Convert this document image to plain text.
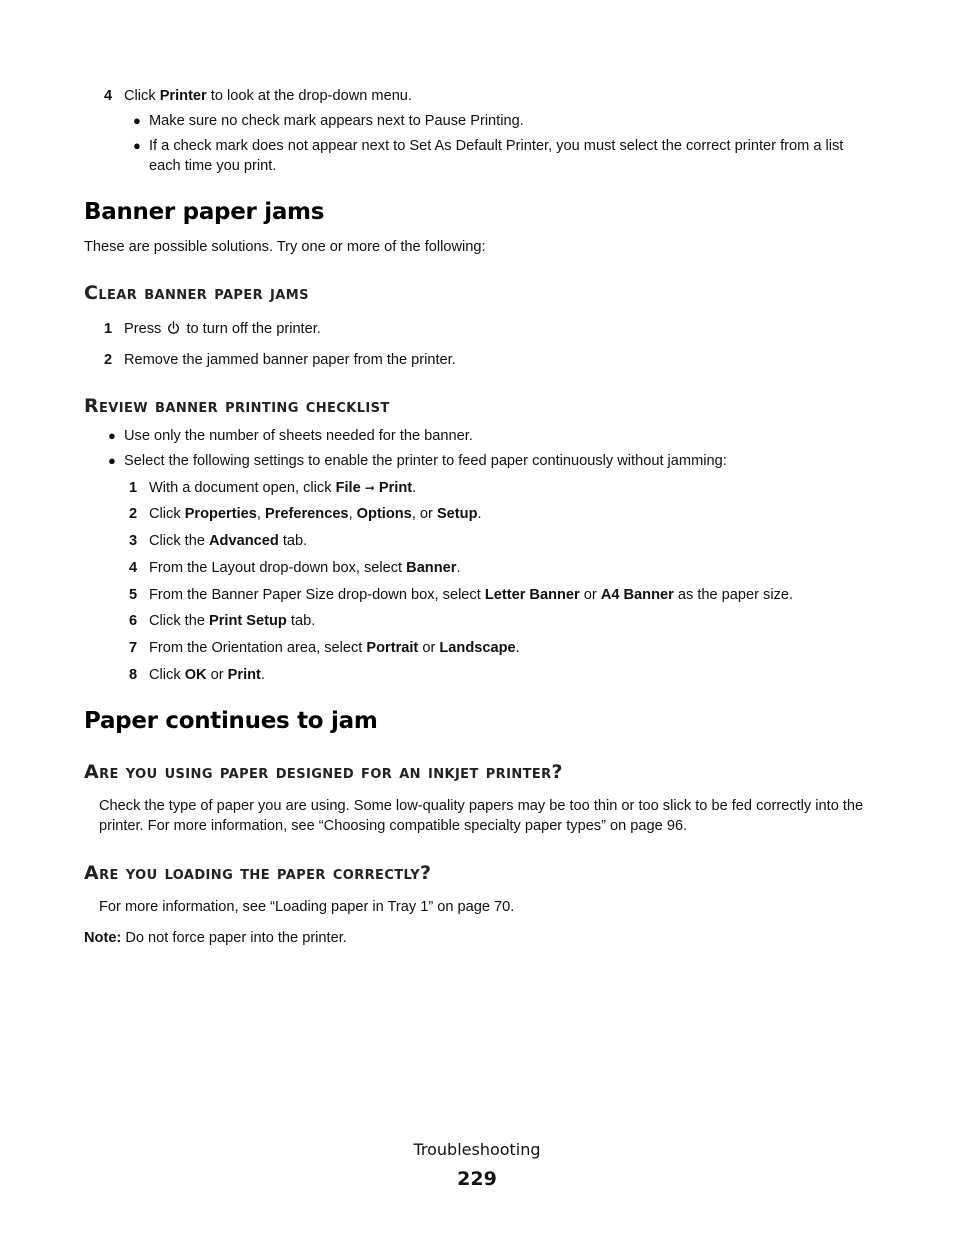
4 Click Printer to look at the drop-down menu.
● Make sure no check mark appears next to Pause Printing.
● If a check mark does not appear next to Set As Default Printer, you must select the correct printer from a list each time you print.
Banner paper jams
These are possible solutions. Try one or more of the following:
Clear banner paper jams
1 Press to turn off the printer.
2 Remove the jammed banner paper from the printer.
Review banner printing checklist
● Use only the number of sheets needed for the banner.
● Select the following settings to enable the printer to feed paper continuously without jamming:
1 With a document open, click File ➞ Print.
2 Click Properties, Preferences, Options, or Setup.
3 Click the Advanced tab.
4 From the Layout drop-down box, select Banner.
5 From the Banner Paper Size drop-down box, select Letter Banner or A4 Banner as the paper size.
6 Click the Print Setup tab.
7 From the Orientation area, select Portrait or Landscape.
8 Click OK or Print.
Paper continues to jam
Are you using paper designed for an inkjet printer?
Check the type of paper you are using. Some low-quality papers may be too thin or too slick to be fed correctly into the printer. For more information, see “Choosing compatible specialty paper types” on page 96.
Are you loading the paper correctly?
For more information, see “Loading paper in Tray 1” on page 70.
Note: Do not force paper into the printer.
Troubleshooting
229
